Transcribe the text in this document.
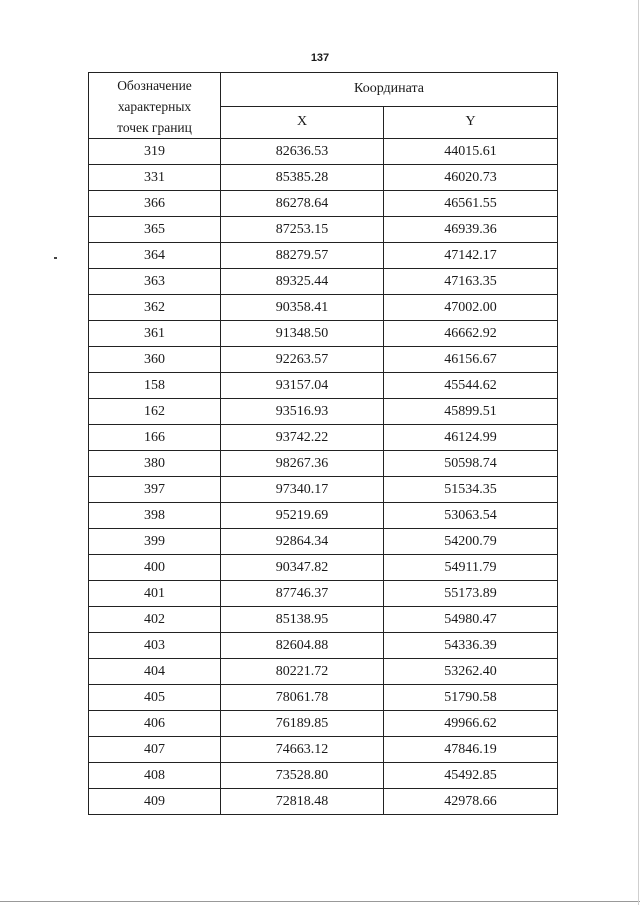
137
Обозначение
характерных
точек границ	Координата	
	X	Y
319	82636.53	44015.61
331	85385.28	46020.73
366	86278.64	46561.55
365	87253.15	46939.36
364	88279.57	47142.17
363	89325.44	47163.35
362	90358.41	47002.00
361	91348.50	46662.92
360	92263.57	46156.67
158	93157.04	45544.62
162	93516.93	45899.51
166	93742.22	46124.99
380	98267.36	50598.74
397	97340.17	51534.35
398	95219.69	53063.54
399	92864.34	54200.79
400	90347.82	54911.79
401	87746.37	55173.89
402	85138.95	54980.47
403	82604.88	54336.39
404	80221.72	53262.40
405	78061.78	51790.58
406	76189.85	49966.62
407	74663.12	47846.19
408	73528.80	45492.85
409	72818.48	42978.66
